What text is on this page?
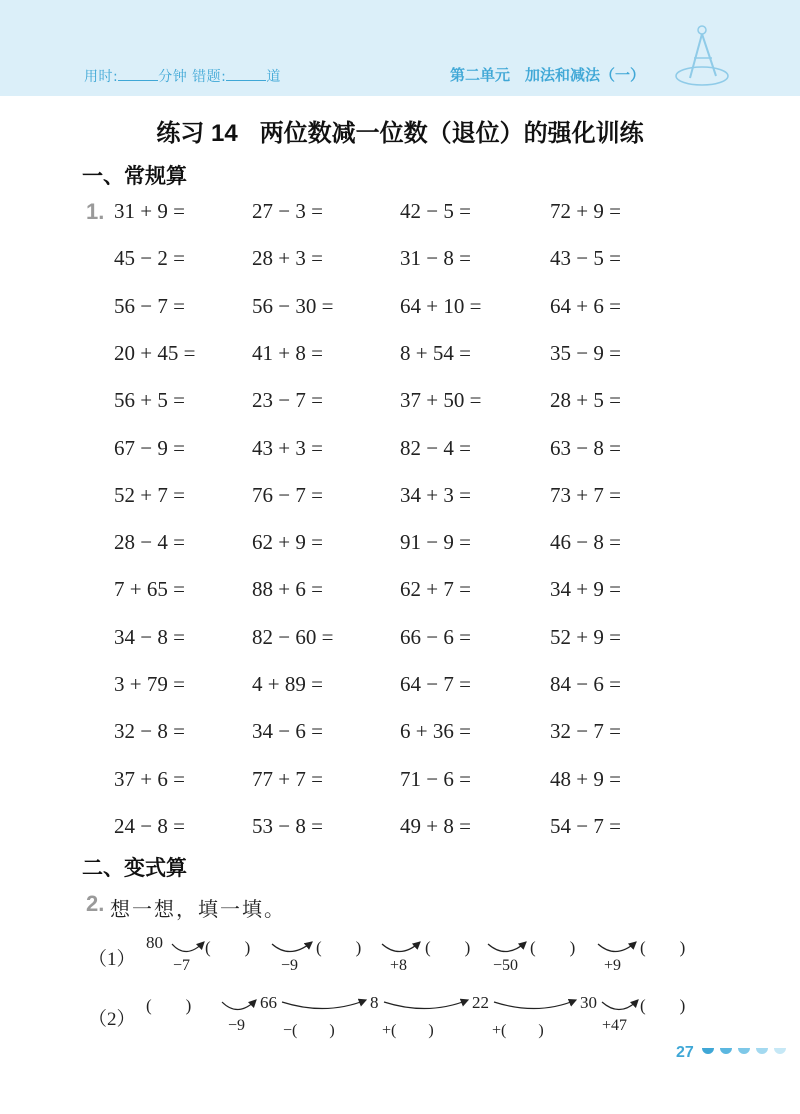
用时:	分钟 错题:	道	第二单元　加法和减法（一）
练习 14 两位数减一位数（退位）的强化训练
一、常规算
1. 31 + 9 =	27 − 3 =	42 − 5 =	72 + 9 =
45 − 2 =	28 + 3 =	31 − 8 =	43 − 5 =
56 − 7 =	56 − 30 =	64 + 10 =	64 + 6 =
20 + 45 =	41 + 8 =	8 + 54 =	35 − 9 =
56 + 5 =	23 − 7 =	37 + 50 =	28 + 5 =
67 − 9 =	43 + 3 =	82 − 4 =	63 − 8 =
52 + 7 =	76 − 7 =	34 + 3 =	73 + 7 =
28 − 4 =	62 + 9 =	91 − 9 =	46 − 8 =
7 + 65 =	88 + 6 =	62 + 7 =	34 + 9 =
34 − 8 =	82 − 60 =	66 − 6 =	52 + 9 =
3 + 79 =	4 + 89 =	64 − 7 =	84 − 6 =
32 − 8 =	34 − 6 =	6 + 36 =	32 − 7 =
37 + 6 =	77 + 7 =	71 − 6 =	48 + 9 =
24 − 8 =	53 − 8 =	49 + 8 =	54 − 7 =
二、变式算
2. 想一想，填一填。
（1）
80 (　　)	(　　)	(　　)	(　　)	(　　)
−7	−9	+8	−50	+9
（2）
(　　)	66	8	22	30	(　　)
−9 −(　　)	+(　　)	+(　　)	+47
27
